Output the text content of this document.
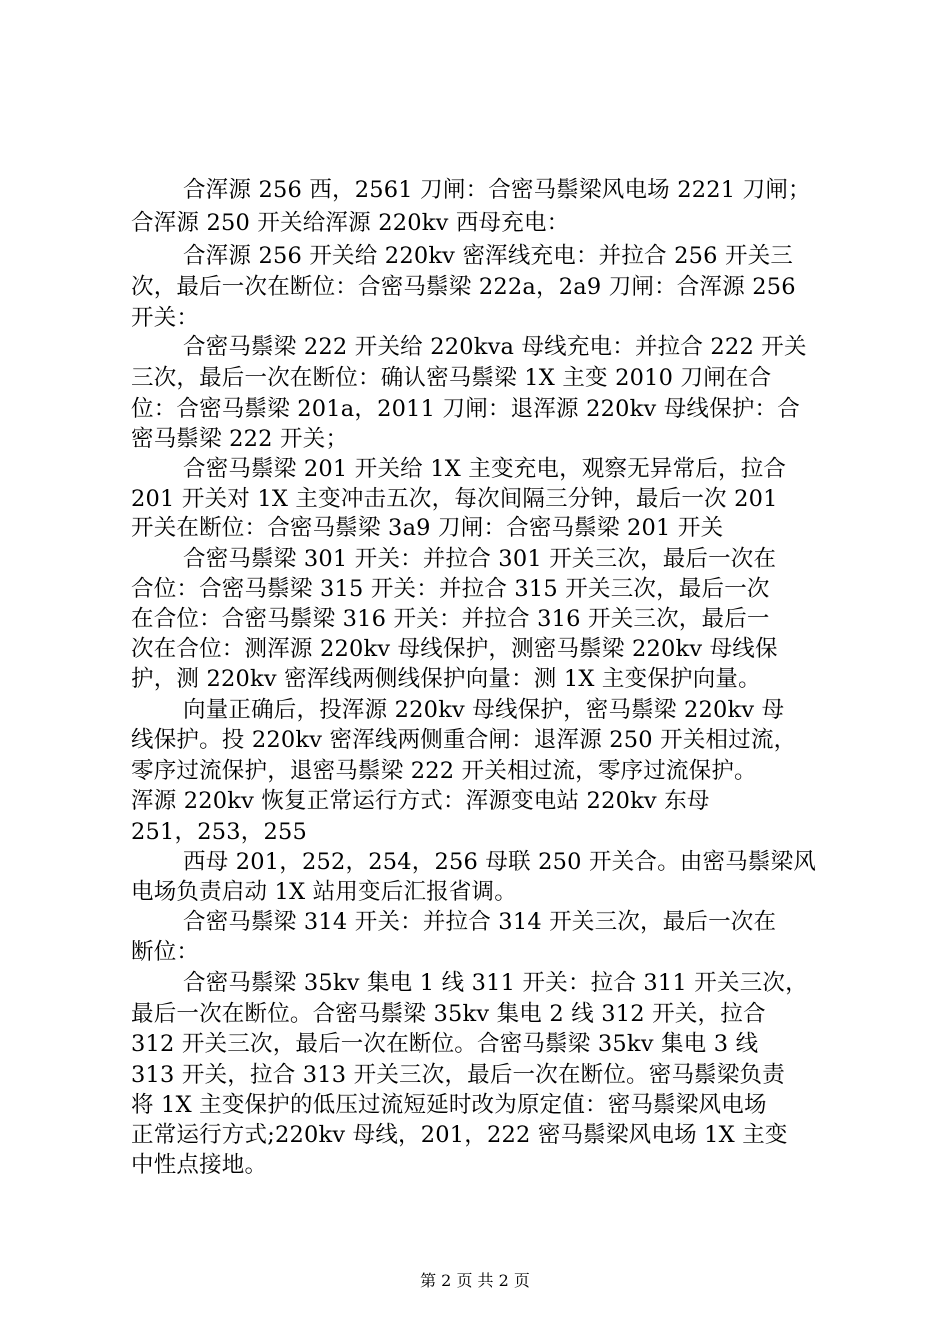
合浑源 256 西，2561 刀闸：合密马鬃梁风电场 2221 刀闸；
合浑源 250 开关给浑源 220kv 西母充电：
合浑源 256 开关给 220kv 密浑线充电：并拉合 256 开关三
次，最后一次在断位：合密马鬃梁 222a，2a9 刀闸：合浑源 256
开关：
合密马鬃梁 222 开关给 220kva 母线充电：并拉合 222 开关
三次，最后一次在断位：确认密马鬃梁 1X 主变 2010 刀闸在合
位：合密马鬃梁 201a，2011 刀闸：退浑源 220kv 母线保护：合
密马鬃梁 222 开关；
合密马鬃梁 201 开关给 1X 主变充电，观察无异常后，拉合
201 开关对 1X 主变冲击五次，每次间隔三分钟，最后一次 201
开关在断位：合密马鬃梁 3a9 刀闸：合密马鬃梁 201 开关
合密马鬃梁 301 开关：并拉合 301 开关三次，最后一次在
合位：合密马鬃梁 315 开关：并拉合 315 开关三次，最后一次
在合位：合密马鬃梁 316 开关：并拉合 316 开关三次，最后一
次在合位：测浑源 220kv 母线保护，测密马鬃梁 220kv 母线保
护，测 220kv 密浑线两侧线保护向量：测 1X 主变保护向量。
向量正确后，投浑源 220kv 母线保护，密马鬃梁 220kv 母
线保护。投 220kv 密浑线两侧重合闸：退浑源 250 开关相过流，
零序过流保护，退密马鬃梁 222 开关相过流，零序过流保护。
浑源 220kv 恢复正常运行方式：浑源变电站 220kv 东母
251，253，255
西母 201，252，254，256 母联 250 开关合。由密马鬃梁风
电场负责启动 1X 站用变后汇报省调。
合密马鬃梁 314 开关：并拉合 314 开关三次，最后一次在
断位：
合密马鬃梁 35kv 集电 1 线 311 开关：拉合 311 开关三次，
最后一次在断位。合密马鬃梁 35kv 集电 2 线 312 开关，拉合
312 开关三次，最后一次在断位。合密马鬃梁 35kv 集电 3 线
313 开关，拉合 313 开关三次，最后一次在断位。密马鬃梁负责
将 1X 主变保护的低压过流短延时改为原定值：密马鬃梁风电场
正常运行方式;220kv 母线，201，222 密马鬃梁风电场 1X 主变
中性点接地。
第 2 页 共 2 页
